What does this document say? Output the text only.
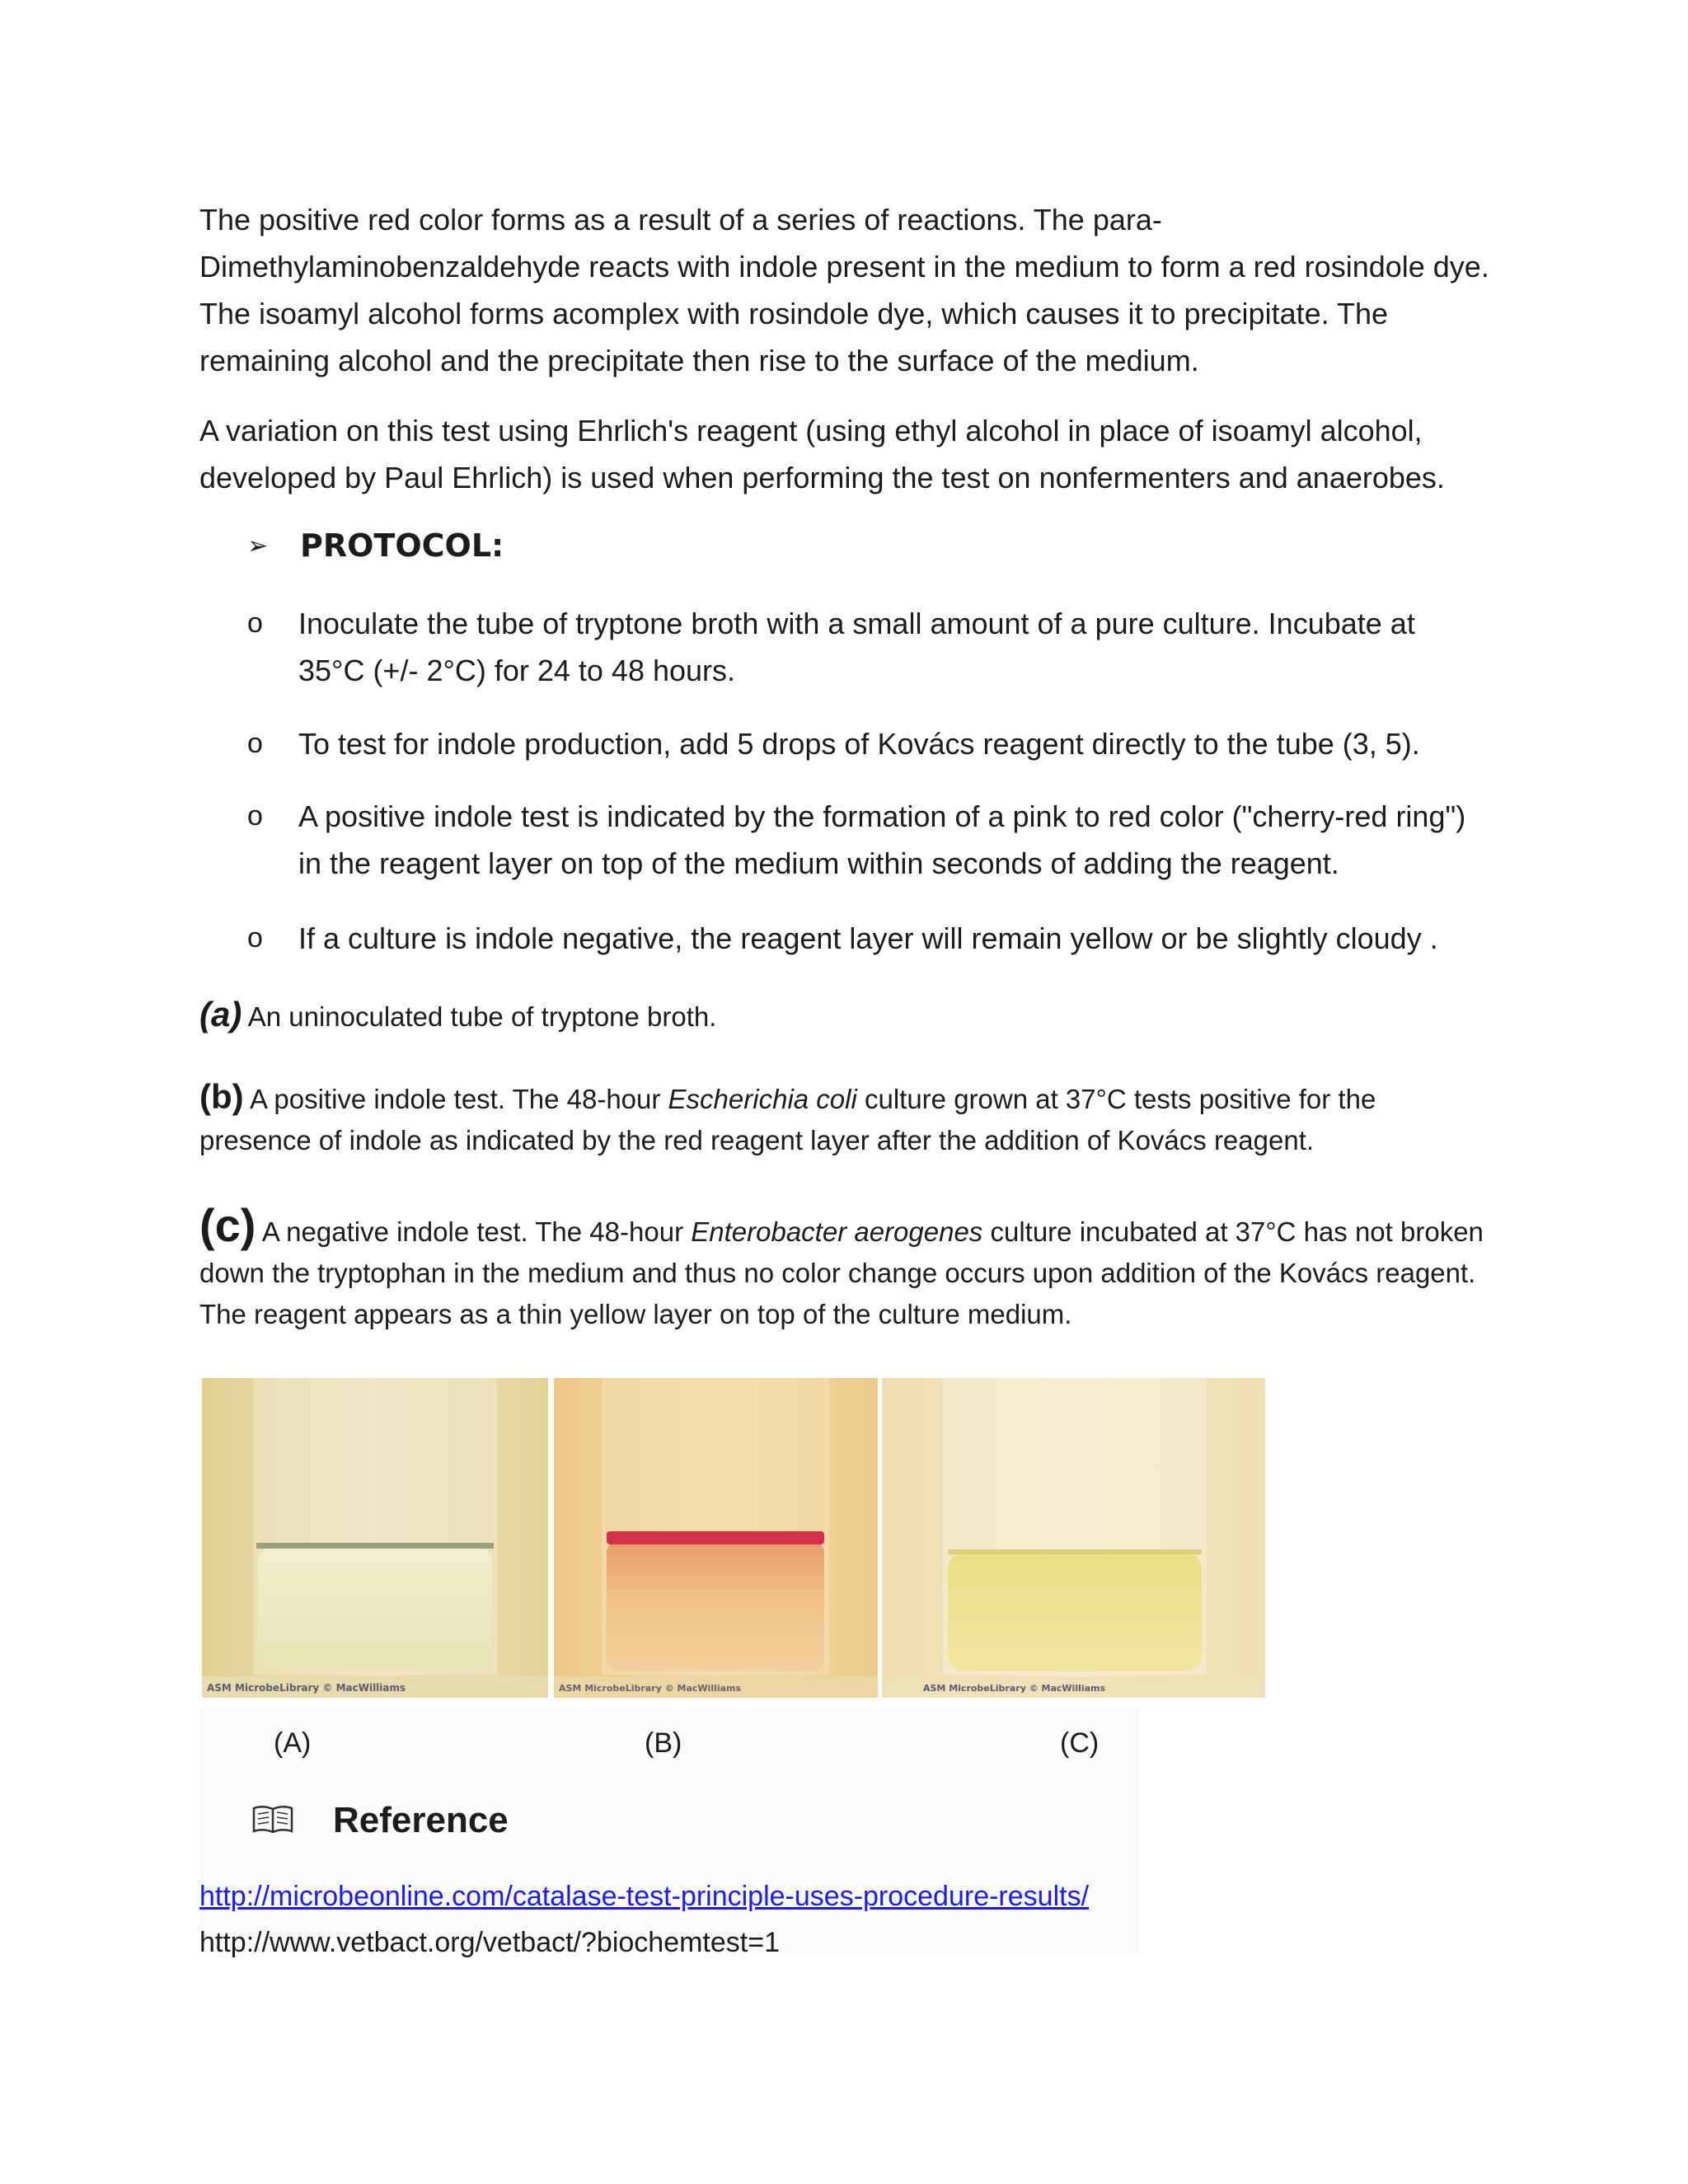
The positive red color forms as a result of a series of reactions. The para-Dimethylaminobenzaldehyde reacts with indole present in the medium to form a red rosindole dye. The isoamyl alcohol forms acomplex with rosindole dye, which causes it to precipitate. The remaining alcohol and the precipitate then rise to the surface of the medium.
A variation on this test using Ehrlich's reagent (using ethyl alcohol in place of isoamyl alcohol, developed by Paul Ehrlich) is used when performing the test on nonfermenters and anaerobes.
➢	PROTOCOL:
o	Inoculate the tube of tryptone broth with a small amount of a pure culture. Incubate at 35°C (+/- 2°C) for 24 to 48 hours.
o	To test for indole production, add 5 drops of Kovács reagent directly to the tube (3, 5).
o	A positive indole test is indicated by the formation of a pink to red color ("cherry-red ring") in the reagent layer on top of the medium within seconds of adding the reagent.
o	If a culture is indole negative, the reagent layer will remain yellow or be slightly cloudy .
(a) An uninoculated tube of tryptone broth.
(b) A positive indole test. The 48-hour Escherichia coli culture grown at 37°C tests positive for the presence of indole as indicated by the red reagent layer after the addition of Kovács reagent.
(c) A negative indole test. The 48-hour Enterobacter aerogenes culture incubated at 37°C has not broken down the tryptophan in the medium and thus no color change occurs upon addition of the Kovács reagent. The reagent appears as a thin yellow layer on top of the culture medium.
ASM MicrobeLibrary © MacWilliams	ASM MicrobeLibrary © MacWilliams	ASM MicrobeLibrary © MacWilliams
(A)	(B)	(C)
Reference
http://microbeonline.com/catalase-test-principle-uses-procedure-results/
http://www.vetbact.org/vetbact/?biochemtest=1
